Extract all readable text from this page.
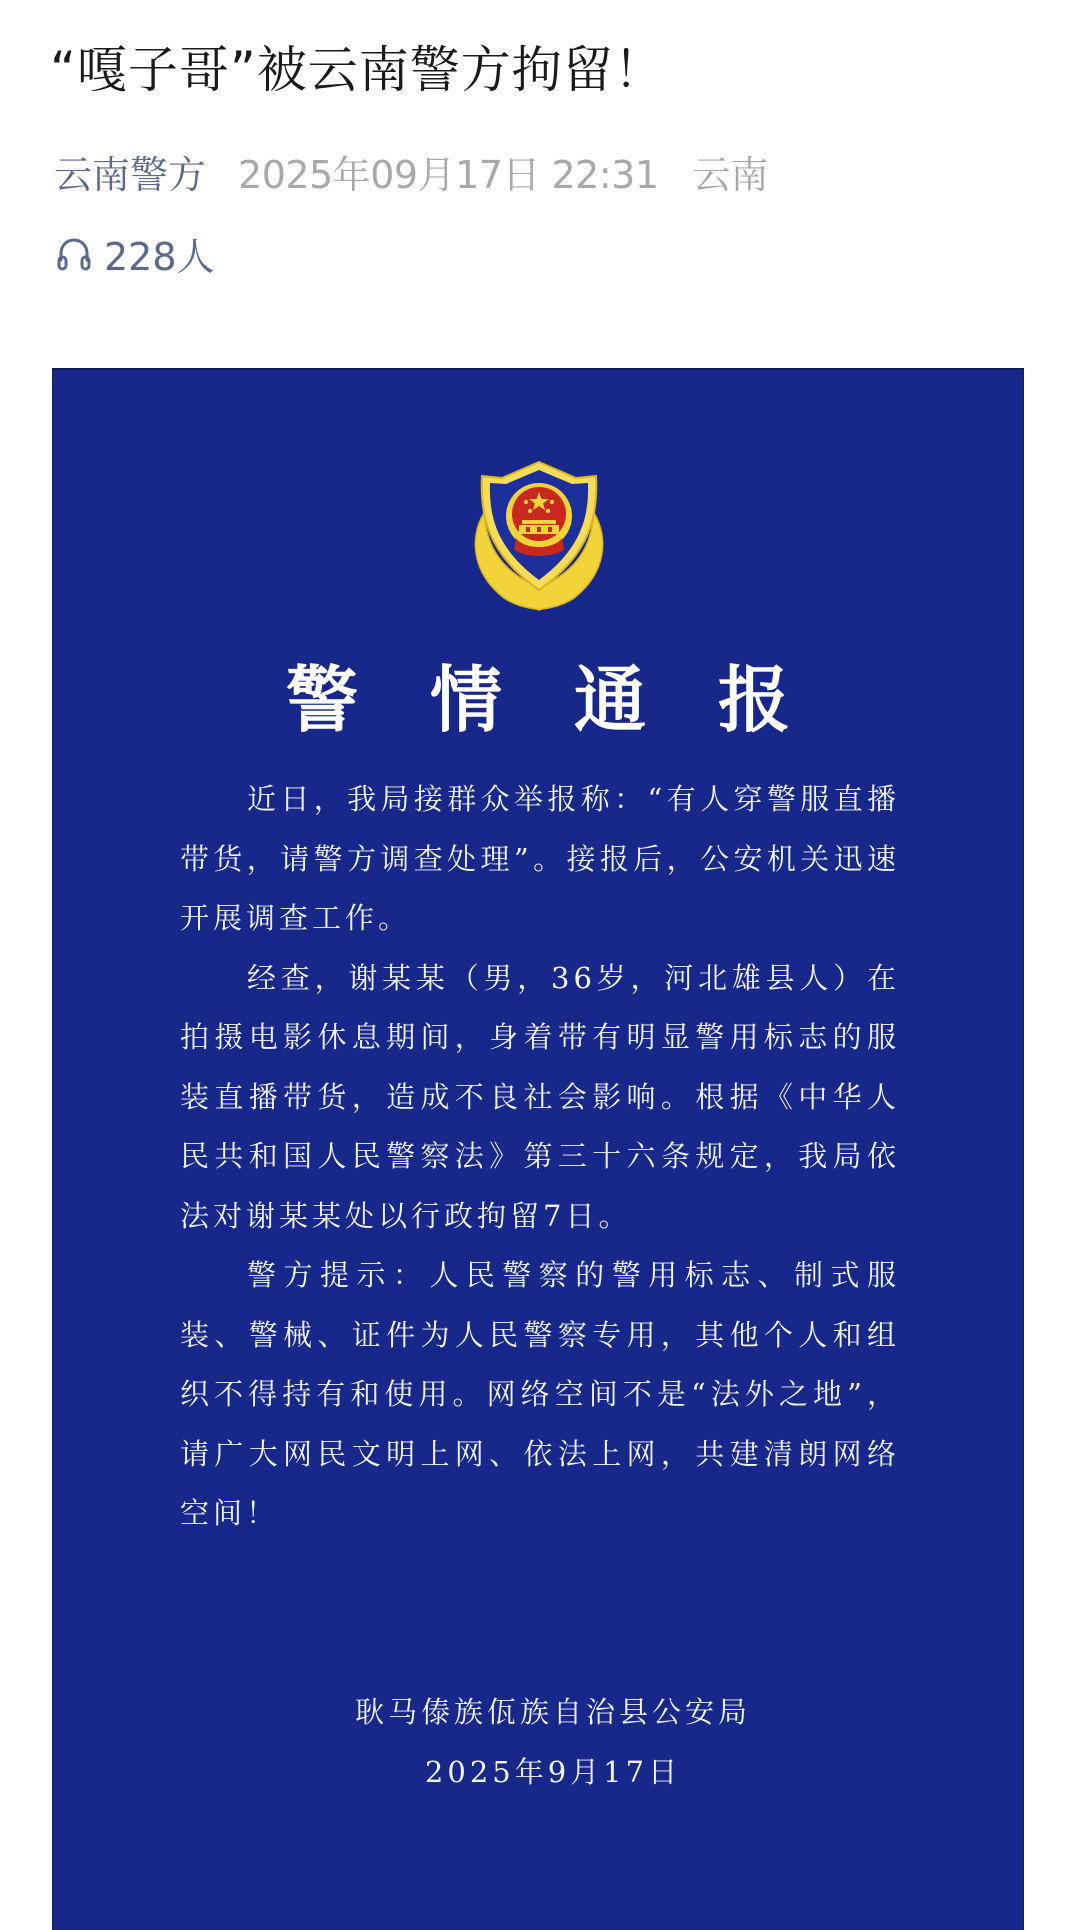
“嘎子哥”被云南警方拘留！
云南警方 2025年09月17日 22:31 云南
228人
警情通报

近日，我局接群众举报称：“有人穿警服直播带货，请警方调查处理”。接报后，公安机关迅速开展调查工作。

经查，谢某某（男，36岁，河北雄县人）在拍摄电影休息期间，身着带有明显警用标志的服装直播带货，造成不良社会影响。根据《中华人民共和国人民警察法》第三十六条规定，我局依法对谢某某处以行政拘留7日。

警方提示：人民警察的警用标志、制式服装、警械、证件为人民警察专用，其他个人和组织不得持有和使用。网络空间不是“法外之地”，请广大网民文明上网、依法上网，共建清朗网络空间！

耿马傣族佤族自治县公安局
2025年9月17日
